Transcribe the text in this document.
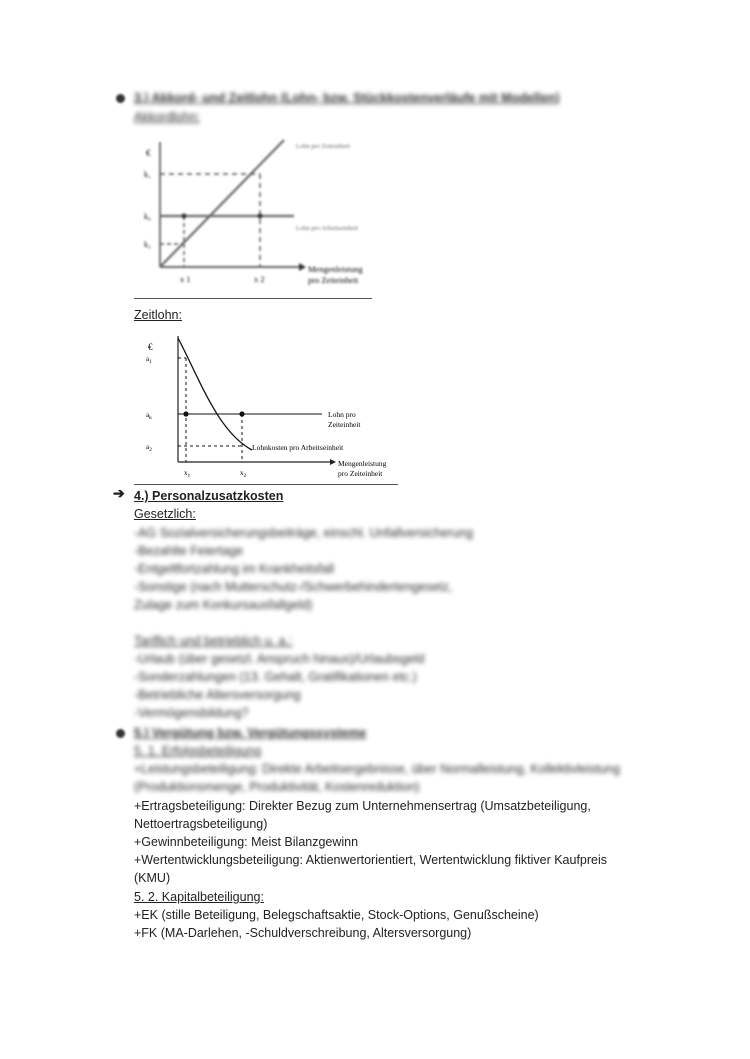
3.) Akkord- und Zeitlohn (Lohn- bzw. Stückkostenverläufe mit Modellen)
Akkordlohn:
€
k₁
k₀
k₂
x 1	x 2
Mengenleistung
pro Zeiteinheit
Lohn pro Zeiteinheit
Lohn pro Arbeitseinheit
Zeitlohn:
€
$a_1$
$a_k$
$a_2$
$x_1$	$x_2$
Lohn pro
Zeiteinheit
Lohnkosten pro Arbeitseinheit
Mengenleistung
pro Zeiteinheit
➔ 4.) Personalzusatzkosten
Gesetzlich:
-AG Sozialversicherungsbeiträge, einschl. Unfallversicherung
-Bezahlte Feiertage
-Entgeltfortzahlung im Krankheitsfall
-Sonstige (nach Mutterschutz-/Schwerbehindertengesetz,
Zulage zum Konkursausfallgeld)
Tariflich und betrieblich u. a.:
-Urlaub (über gesetzl. Anspruch hinaus)/Urlaubsgeld
-Sonderzahlungen (13. Gehalt, Gratifikationen etc.)
-Betriebliche Altersversorgung
-Vermögensbildung?
5.) Vergütung bzw. Vergütungssysteme
5. 1. Erfolgsbeteiligung
+Leistungsbeteiligung: Direkte Arbeitsergebnisse, über Normalleistung, Kollektivleistung
(Produktionsmenge, Produktivität, Kostenreduktion)
+Ertragsbeteiligung: Direkter Bezug zum Unternehmensertrag (Umsatzbeteiligung,
Nettoertragsbeteiligung)
+Gewinnbeteiligung: Meist Bilanzgewinn
+Wertentwicklungsbeteiligung: Aktienwertorientiert, Wertentwicklung fiktiver Kaufpreis
(KMU)
5. 2. Kapitalbeteiligung:
+EK (stille Beteiligung, Belegschaftsaktie, Stock-Options, Genußscheine)
+FK (MA-Darlehen, -Schuldverschreibung, Altersversorgung)
